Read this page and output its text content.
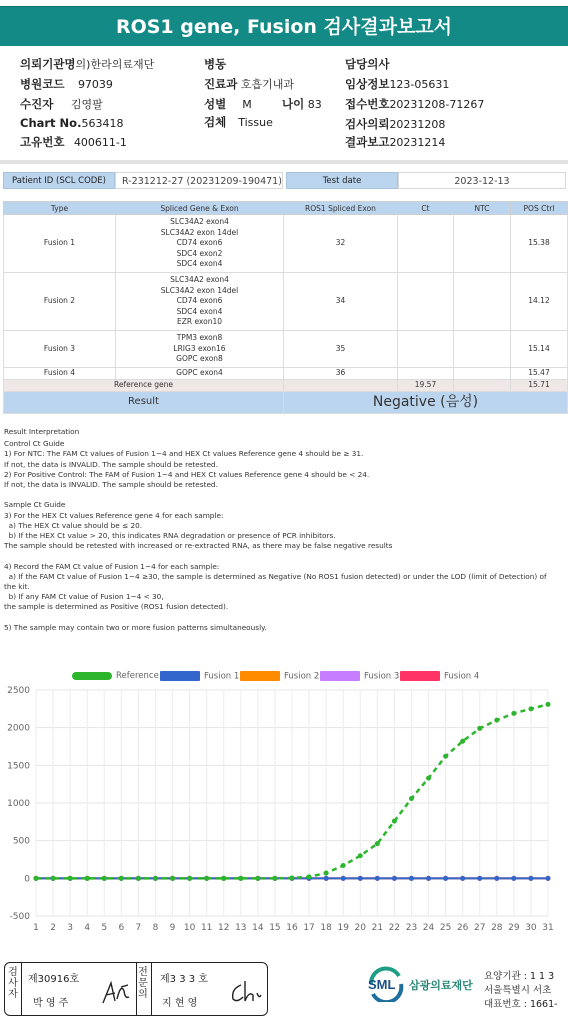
ROS1 gene, Fusion 검사결과보고서
의뢰기관명의)한라의료재단
병원코드 97039
수진자 김영팔
Chart No.563418
고유번호 400611-1
병동
진료과 호흡기내과
성별 M	나이 83
검체 Tissue
담당의사
임상정보123-05631
접수번호20231208-71267
검사의뢰20231208
결과보고20231214
Patient ID (SCL CODE)	R-231212-27 (20231209-190471)	Test date	2023-12-13
Type	Spliced Gene & Exon	ROS1 Spliced Exon	Ct	NTC	POS Ctrl
Fusion 1	SLC34A2 exon4
SLC34A2 exon 14del
CD74 exon6
SDC4 exon2
SDC4 exon4	32			15.38
Fusion 2	SLC34A2 exon4
SLC34A2 exon 14del
CD74 exon6
SDC4 exon4
EZR exon10	34			14.12
Fusion 3	TPM3 exon8
LRIG3 exon16
GOPC exon8	35			15.14
Fusion 4	GOPC exon4	36			15.47
Reference gene			19.57		15.71
Result		Negative (음성)			
Result Interpretation
Control Ct Guide
1) For NTC: The FAM Ct values of Fusion 1~4 and HEX Ct values Reference gene 4 should be ≥ 31.
If not, the data is INVALID. The sample should be retested.
2) For Positive Control: The FAM of Fusion 1~4 and HEX Ct values Reference gene 4 should be < 24.
If not, the data is INVALID. The sample should be retested.
Sample Ct Guide
3) For the HEX Ct values Reference gene 4 for each sample:
a) The HEX Ct value should be ≤ 20.
b) If the HEX Ct value > 20, this indicates RNA degradation or presence of PCR inhibitors.
The sample should be retested with increased or re-extracted RNA, as there may be false negative results
4) Record the FAM Ct value of Fusion 1~4 for each sample:
a) If the FAM Ct value of Fusion 1~4 ≥30, the sample is determined as Negative (No ROS1 fusion detected) or under the LOD (limit of Detection) of
the kit.
b) If any FAM Ct value of Fusion 1~4 < 30,
the sample is determined as Positive (ROS1 fusion detected).
5) The sample may contain two or more fusion patterns simultaneously.
Reference	Fusion 1	Fusion 2	Fusion 3	Fusion 4
-500
0
500
1000
1500
2000
2500
1 2 3 4 5 6 7 8 9 10 11 12 13 14 15 16 17 18 19 20 21 22 23 24 25 26 27 28 29 30 31
검
사
자
제30916호
박 영 주
전
문
의
제3 3 3 호
지 현 영
SML 삼광의료재단
요양기관 : 1 1 3
서울특별시 서초
대표번호 : 1661-
